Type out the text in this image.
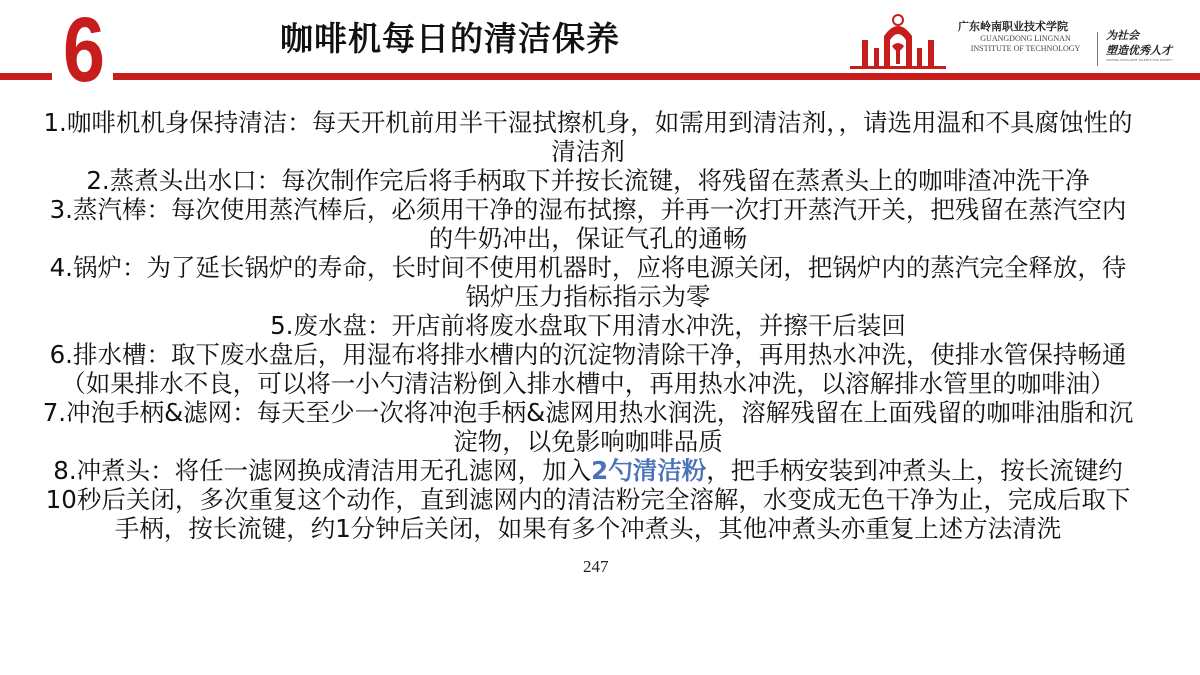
6	咖啡机每日的清洁保养	广东岭南职业技术学院
GUANGDONG LINGNAN
INSTITUTE OF TECHNOLOGY
为社会
塑造优秀人才
SHAPING EXCELLENT TALENTS FOR SOCIETY

1.咖啡机机身保持清洁：每天开机前用半干湿拭擦机身，如需用到清洁剂，，请选用温和不具腐蚀性的清洁剂

2.蒸煮头出水口：每次制作完后将手柄取下并按长流键，将残留在蒸煮头上的咖啡渣冲洗干净

3.蒸汽棒：每次使用蒸汽棒后，必须用干净的湿布拭擦，并再一次打开蒸汽开关，把残留在蒸汽空内的牛奶冲出，保证气孔的通畅

4.锅炉：为了延长锅炉的寿命，长时间不使用机器时，应将电源关闭，把锅炉内的蒸汽完全释放，待锅炉压力指标指示为零

5.废水盘：开店前将废水盘取下用清水冲洗，并擦干后装回

6.排水槽：取下废水盘后，用湿布将排水槽内的沉淀物清除干净，再用热水冲洗，使排水管保持畅通（如果排水不良，可以将一小勺清洁粉倒入排水槽中，再用热水冲洗，以溶解排水管里的咖啡油）

7.冲泡手柄&滤网：每天至少一次将冲泡手柄&滤网用热水润洗，溶解残留在上面残留的咖啡油脂和沉淀物，以免影响咖啡品质

8.冲煮头：将任一滤网换成清洁用无孔滤网，加入2勺清洁粉，把手柄安装到冲煮头上，按长流键约10秒后关闭，多次重复这个动作，直到滤网内的清洁粉完全溶解，水变成无色干净为止，完成后取下手柄，按长流键，约1分钟后关闭，如果有多个冲煮头，其他冲煮头亦重复上述方法清洗

247
